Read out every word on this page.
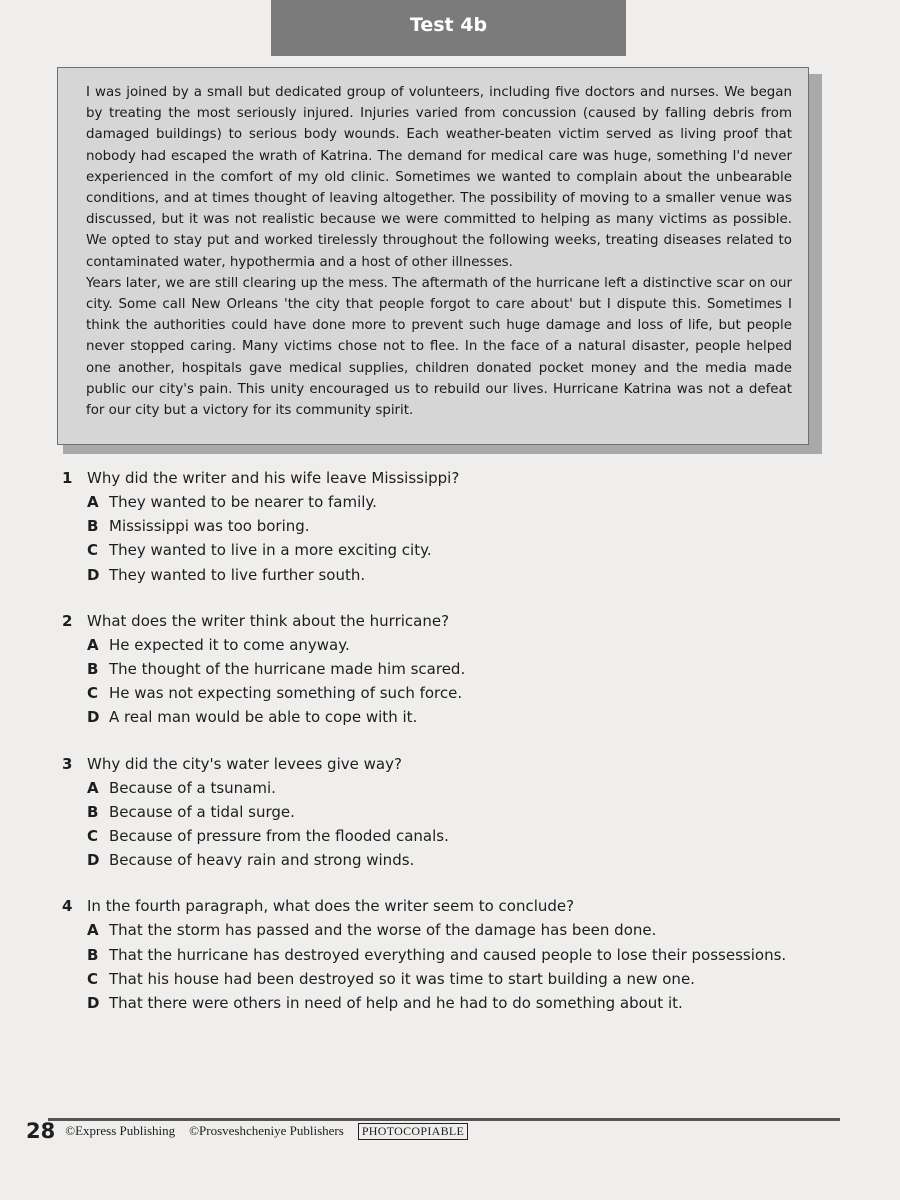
Test 4b

I was joined by a small but dedicated group of volunteers, including five doctors and nurses. We began by treating the most seriously injured. Injuries varied from concussion (caused by falling debris from damaged buildings) to serious body wounds. Each weather-beaten victim served as living proof that nobody had escaped the wrath of Katrina. The demand for medical care was huge, something I'd never experienced in the comfort of my old clinic. Sometimes we wanted to complain about the unbearable conditions, and at times thought of leaving altogether. The possibility of moving to a smaller venue was discussed, but it was not realistic because we were committed to helping as many victims as possible. We opted to stay put and worked tirelessly throughout the following weeks, treating diseases related to contaminated water, hypothermia and a host of other illnesses.

Years later, we are still clearing up the mess. The aftermath of the hurricane left a distinctive scar on our city. Some call New Orleans 'the city that people forgot to care about' but I dispute this. Sometimes I think the authorities could have done more to prevent such huge damage and loss of life, but people never stopped caring. Many victims chose not to flee. In the face of a natural disaster, people helped one another, hospitals gave medical supplies, children donated pocket money and the media made public our city's pain. This unity encouraged us to rebuild our lives. Hurricane Katrina was not a defeat for our city but a victory for its community spirit.

1 Why did the writer and his wife leave Mississippi?
A They wanted to be nearer to family.
B Mississippi was too boring.
C They wanted to live in a more exciting city.
D They wanted to live further south.
2 What does the writer think about the hurricane?
A He expected it to come anyway.
B The thought of the hurricane made him scared.
C He was not expecting something of such force.
D A real man would be able to cope with it.
3 Why did the city's water levees give way?
A Because of a tsunami.
B Because of a tidal surge.
C Because of pressure from the flooded canals.
D Because of heavy rain and strong winds.
4 In the fourth paragraph, what does the writer seem to conclude?
A That the storm has passed and the worse of the damage has been done.
B That the hurricane has destroyed everything and caused people to lose their possessions.
C That his house had been destroyed so it was time to start building a new one.
D That there were others in need of help and he had to do something about it.
28 ©Express Publishing ©Prosveshcheniye Publishers	PHOTOCOPIABLE
